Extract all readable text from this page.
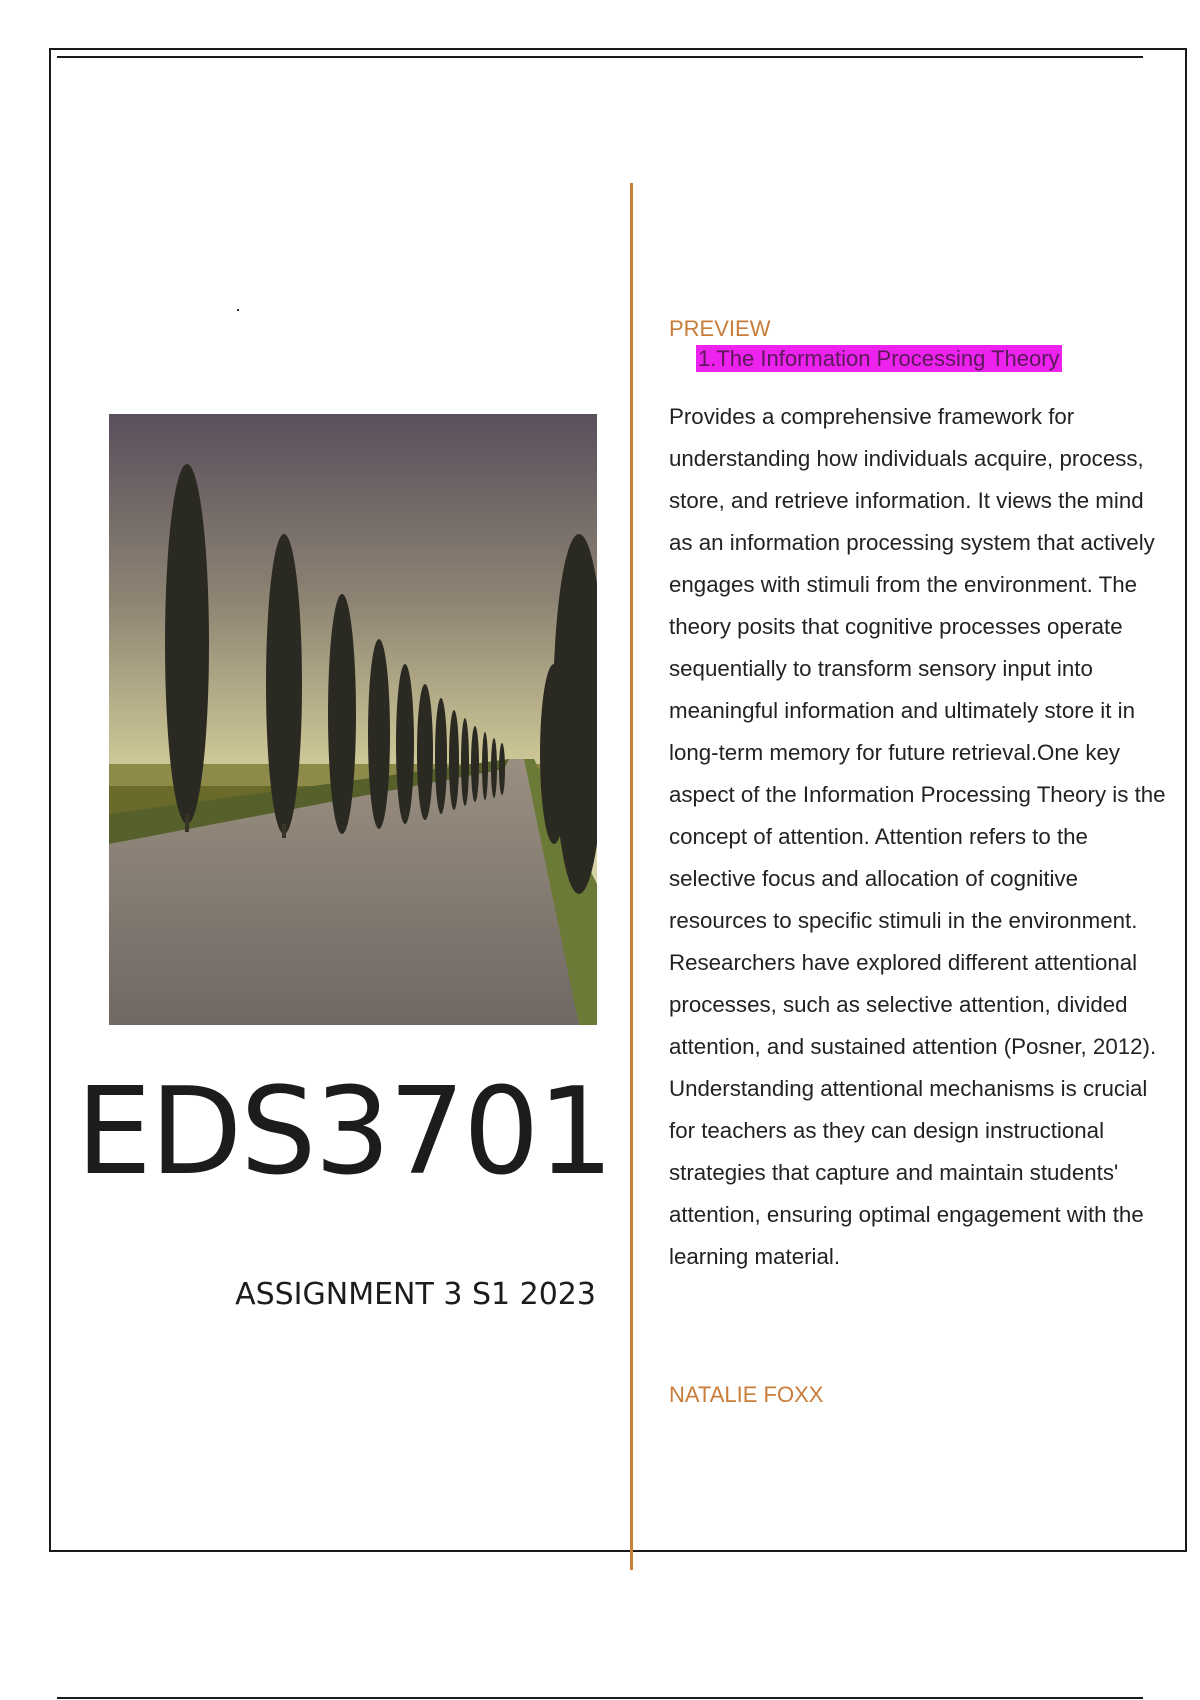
EDS3701
ASSIGNMENT 3 S1 2023
PREVIEW
1.The Information Processing Theory
Provides a comprehensive framework for understanding how individuals acquire, process, store, and retrieve information. It views the mind as an information processing system that actively engages with stimuli from the environment. The theory posits that cognitive processes operate sequentially to transform sensory input into meaningful information and ultimately store it in long-term memory for future retrieval.One key aspect of the Information Processing Theory is the concept of attention. Attention refers to the selective focus and allocation of cognitive resources to specific stimuli in the environment. Researchers have explored different attentional processes, such as selective attention, divided attention, and sustained attention (Posner, 2012). Understanding attentional mechanisms is crucial for teachers as they can design instructional strategies that capture and maintain students' attention, ensuring optimal engagement with the learning material.
NATALIE FOXX
